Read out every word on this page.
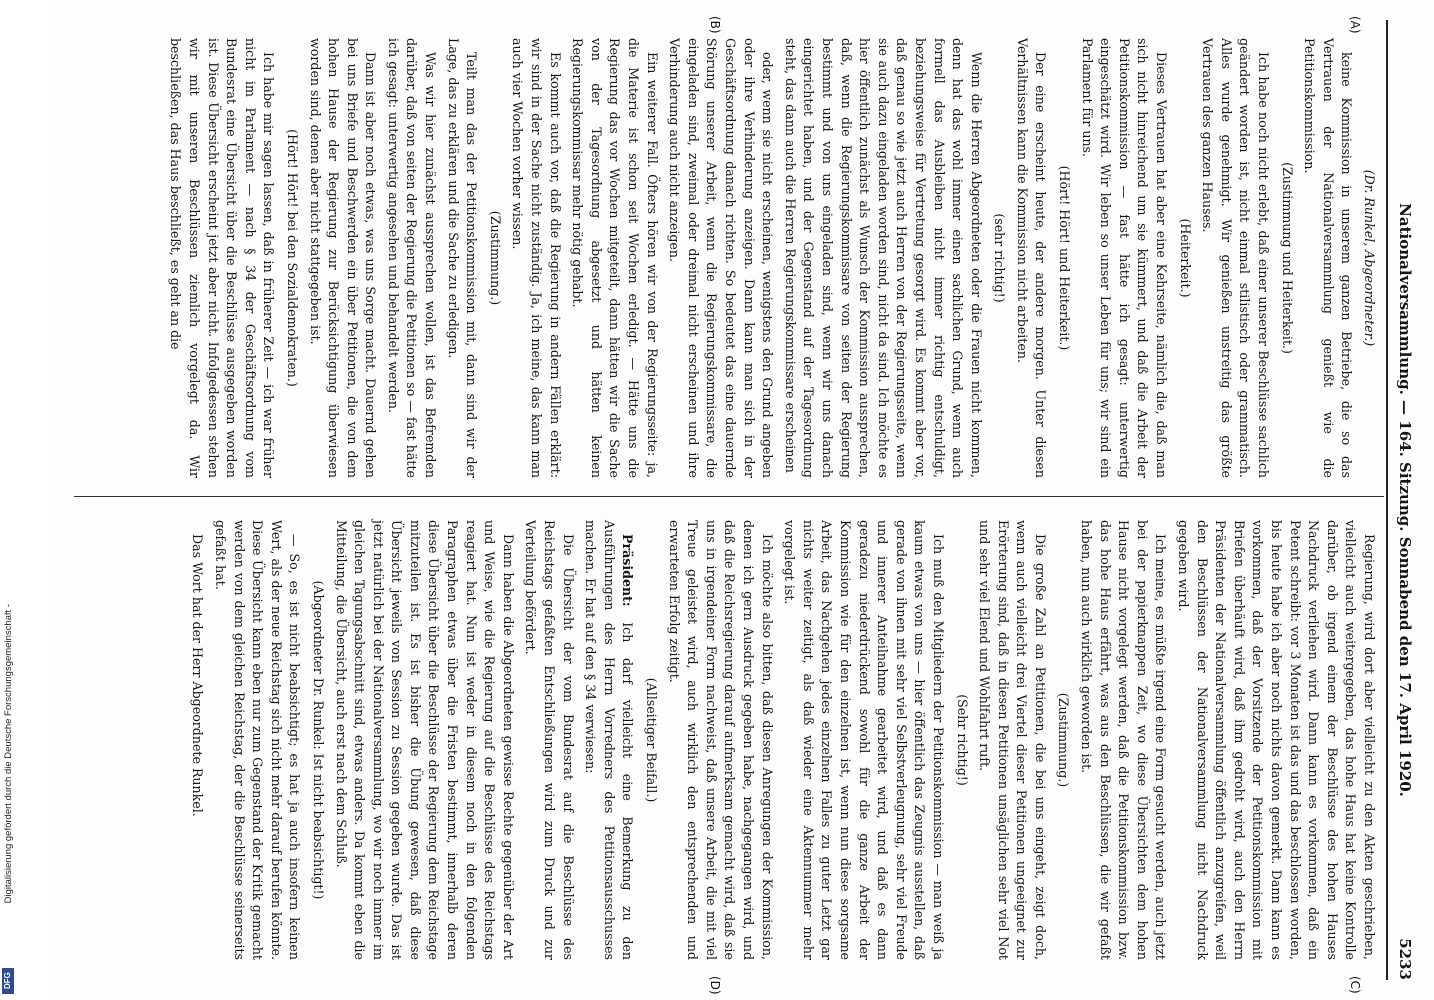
Nationalversammlung. — 164. Sitzung. Sonnabend den 17. April 1920.
5233
(A)
(B)
(C)
(D)

(Dr. Runkel, Abgeordneter.)

keine Kommission in unserem ganzen Betriebe, die so das Vertrauen der Nationalversammlung genießt wie die Petitionskommission.

(Zustimmung und Heiterkeit.)

Ich habe noch nicht erlebt, daß einer unserer Beschlüsse sachlich geändert worden ist, nicht einmal stilistisch oder grammatisch. Alles wurde genehmigt. Wir genießen unstreitig das größte Vertrauen des ganzen Hauses.

(Heiterkeit.)

Dieses Vertrauen hat aber eine Kehrseite, nämlich die, daß man sich nicht hinreichend um sie kümmert, und daß die Arbeit der Petitionskommission — fast hätte ich gesagt: unterwertig eingeschätzt wird. Wir leben so unser Leben für uns; wir sind ein Parlament für uns.

(Hört! Hört! und Heiterkeit.)

Der eine erscheint heute, der andere morgen. Unter diesen Verhältnissen kann die Kommission nicht arbeiten.

(sehr richtig!)

Wenn die Herren Abgeordneten oder die Frauen nicht kommen, denn hat das wohl immer einen sachlichen Grund, wenn auch formell das Ausbleiben nicht immer richtig entschuldigt, beziehungsweise für Vertretung gesorgt wird. Es kommt aber vor, daß genau so wie jetzt auch Herren von der Regierungsseite, wenn sie auch dazu eingeladen worden sind, nicht da sind. Ich möchte es hier öffentlich zunächst als Wunsch der Kommission aussprechen, daß, wenn die Regierungskommissare von seiten der Regierung bestimmt und von uns eingeladen sind, wenn wir uns danach eingerichtet haben, und der Gegenstand auf der Tagesordnung steht, das dann auch die Herren Regierungskommissare erscheinen

oder, wenn sie nicht erscheinen, wenigstens den Grund angeben oder ihre Verhinderung anzeigen. Dann kann man sich in der Geschäftsordnung danach richten. So bedeutet das eine dauernde Störung unserer Arbeit, wenn die Regierungskommissare, die eingeladen sind, zweimal oder dreimal nicht erscheinen und ihre Verhinderung auch nicht anzeigen.

Ein weiterer Fall. Öfters hören wir von der Regierungsseite: ja, die Materie ist schon seit Wochen erledigt. — Hätte uns die Regierung das vor Wochen mitgeteilt, dann hätten wir die Sache von der Tagesordnung abgesetzt und hätten keinen Regierungskommissar mehr nötig gehabt.

Es kommt auch vor, daß die Regierung in andern Fällen erklärt: wir sind in der Sache nicht zuständig. Ja, ich meine, das kann man auch vier Wochen vorher wissen.

(Zustimmung.)

Teilt man das der Petitionskommission mit, dann sind wir der Lage, das zu erklären und die Sache zu erledigen.

Was wir hier zunächst aussprechen wollen, ist das Befremden darüber, daß von seiten der Regierung die Petitionen so — fast hätte ich gesagt: unterwertig angesehen und behandelt werden.

Dann ist aber noch etwas, was uns Sorge macht. Dauernd gehen bei uns Briefe und Beschwerden ein über Petitionen, die von dem hohen Hause der Regierung zur Berücksichtigung überwiesen worden sind, denen aber nicht stattgegeben ist.

(Hört! Hört! bei den Sozialdemokraten.)

Ich habe mir sagen lassen, daß in früherer Zeit — ich war früher nicht im Parlament — nach § 34 der Geschäftsordnung vom Bundesrat eine Übersicht über die Beschlüsse ausgegeben worden ist. Diese Übersicht erscheint jetzt aber nicht. Infolgedessen stehen wir mit unseren Beschlüssen ziemlich vorgelegt da. Wir beschließen, das Haus beschließt, es geht an die

Regierung, wird dort aber vielleicht zu den Akten geschrieben, vielleicht auch weitergegeben, das hohe Haus hat keine Kontrolle darüber, ob irgend einem der Beschlüsse des hohen Hauses Nachdruck verliehen wird. Dann kann es vorkommen, daß ein Petent schreibt: vor 3 Monaten ist das und das beschlossen worden, bis heute habe ich aber noch nichts davon gemerkt. Dann kann es vorkommen, daß der Vorsitzende der Petitionskommission mit Briefen überhäuft wird, daß ihm gedroht wird, auch den Herrn Präsidenten der Nationalversammlung öffentlich anzugreifen, weil den Beschlüssen der Nationalversammlung nicht Nachdruck gegeben wird.

Ich meine, es müßte irgend eine Form gesucht werden, auch jetzt bei der papierknappen Zeit, wo diese Übersichten dem hohen Hause nicht vorgelegt werden, daß die Petitionskommission bzw. das hohe Haus erfährt, was aus den Beschlüssen, die wir gefaßt haben, nun auch wirklich geworden ist.

(Zustimmung.)

Die große Zahl an Petitionen, die bei uns eingeht, zeigt doch, wenn auch vielleicht drei Viertel dieser Petitionen ungeeignet zur Erörterung sind, daß in diesen Petitionen unsäglichen sehr viel Not und sehr viel Elend und Wohlfahrt ruft.

(Sehr richtig!)

Ich muß den Mitgliedern der Petitionskommission — man weiß ja kaum etwas von uns — hier öffentlich das Zeugnis ausstellen, daß gerade von ihnen mit sehr viel Selbstverleugnung, sehr viel Freude und innerer Anteilnahme gearbeitet wird, und daß es dann geradezu niederdrückend sowohl für die ganze Arbeit der Kommission wie für den einzelnen ist, wenn nun diese sorgsame Arbeit, das Nachgehen jedes einzelnen Falles zu guter Letzt gar nichts weiter zeitigt, als daß wieder eine Aktennummer mehr vorgelegt ist.

Ich möchte also bitten, daß diesen Anregungen der Kommission, denen ich gern Ausdruck gegeben habe, nachgegangen wird, und daß die Reichsregierung darauf aufmerksam gemacht wird, daß sie uns in irgendeiner Form nachweist, daß unsere Arbeit, die mit viel Treue geleistet wird, auch wirklich den entsprechenden und erwarteten Erfolg zeitigt.

(Allseitiger Beifall.)

Präsident: Ich darf vielleicht eine Bemerkung zu den Ausführungen des Herrn Vorredners des Petitionsausschusses machen. Er hat auf den § 34 verwiesen:

Die Übersicht der vom Bundesrat auf die Beschlüsse des Reichstags gefaßten Entschließungen wird zum Druck und zur Verteilung befördert.

Dann haben die Abgeordneten gewisse Rechte gegenüber der Art und Weise, wie die Regierung auf die Beschlüsse des Reichstags reagiert hat. Nun ist weder in diesem noch in den folgenden Paragraphen etwas über die Fristen bestimmt, innerhalb deren diese Übersicht über die Beschlüsse der Regierung dem Reichstage mitzuteilen ist. Es ist bisher die Übung gewesen, daß diese Übersicht jeweils von Session zu Session gegeben wurde. Das ist jetzt natürlich bei der Nationalversammlung, wo wir noch immer im gleichen Tagungsabschnitt sind, etwas anders. Da kommt eben die Mitteilung, die Übersicht, auch erst nach dem Schluß.

(Abgeordneter Dr. Runkel: Ist nicht beabsichtigt!)

— So, es ist nicht beabsichtigt; es hat ja auch insofern keinen Wert, als der neue Reichstag sich nicht mehr darauf berufen könnte. Diese Übersicht kann eben nur zum Gegenstand der Kritik gemacht werden von dem gleichen Reichstag, der die Beschlüsse seinerseits gefaßt hat.

Das Wort hat der Herr Abgeordnete Runkel.

Digitalisierung gefördert durch die Deutsche Forschungsgemeinschaft -
DFG
